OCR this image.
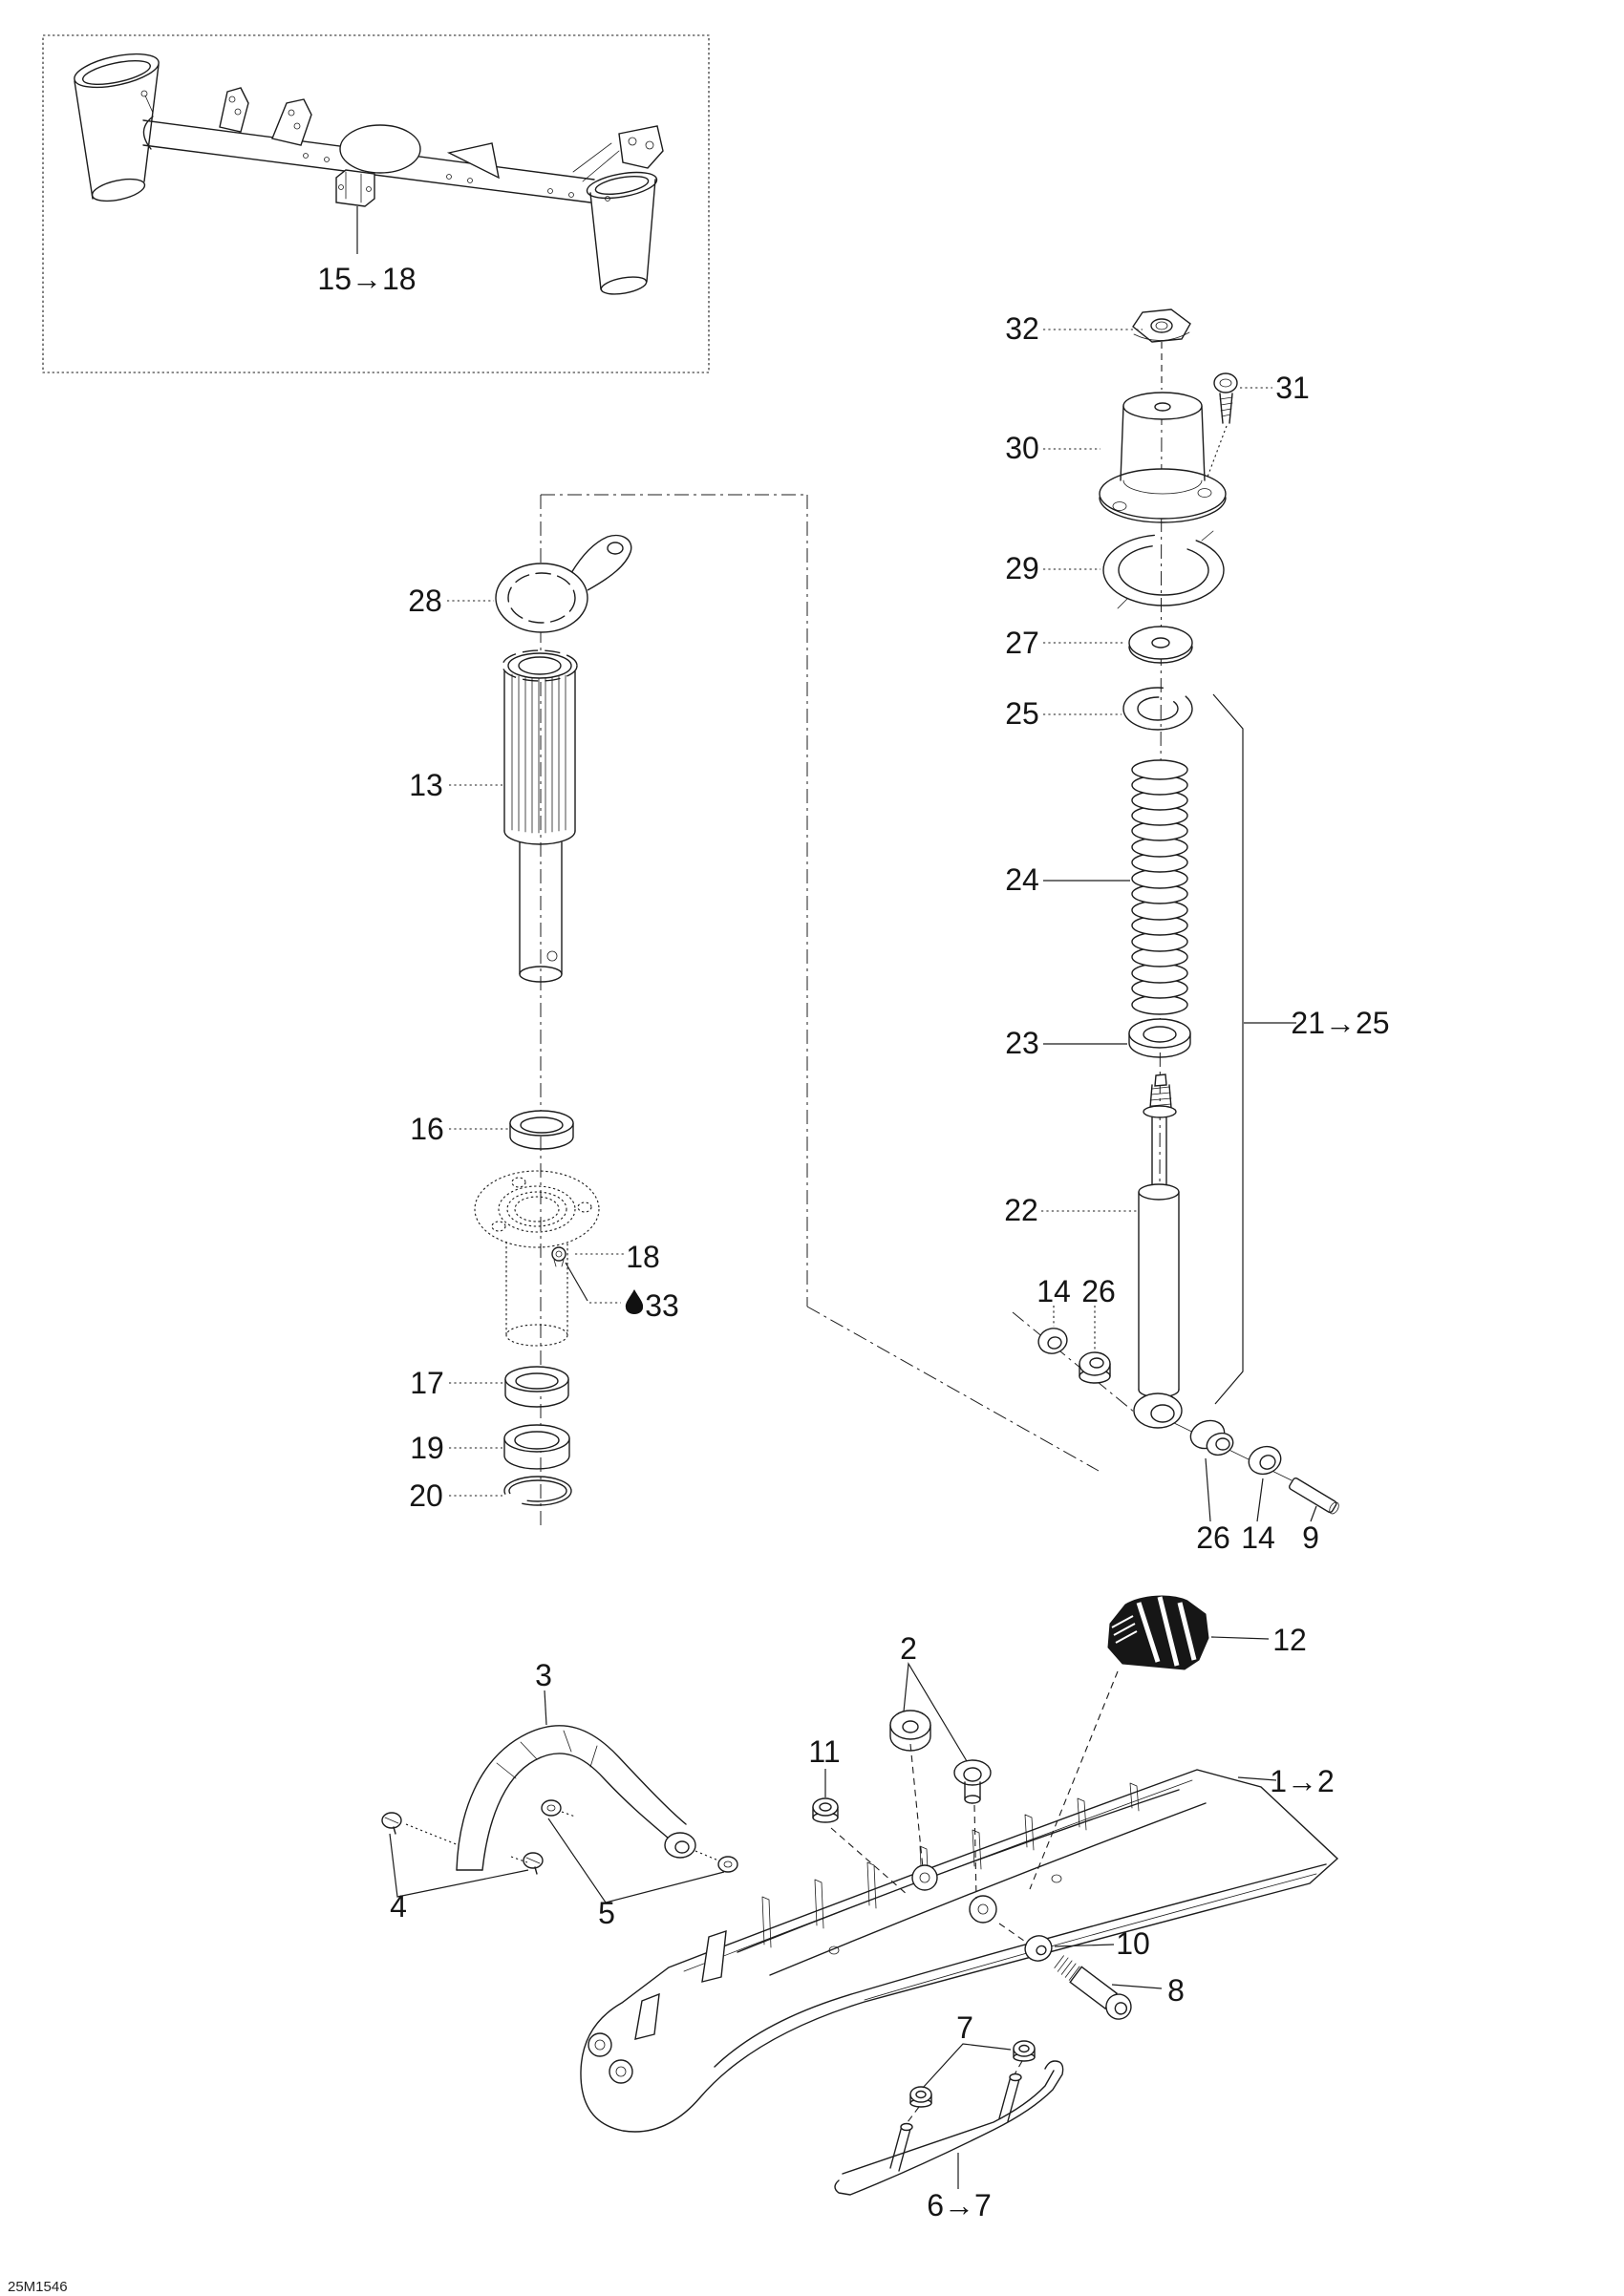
15→18
32
31
30
29
27
25
24
23
21→25
22
14 26
26 14 9
28
13
16
18
33
17
19
20
12
2
1→2
11
3
4	5
10
8
7
6→7
25M1546
